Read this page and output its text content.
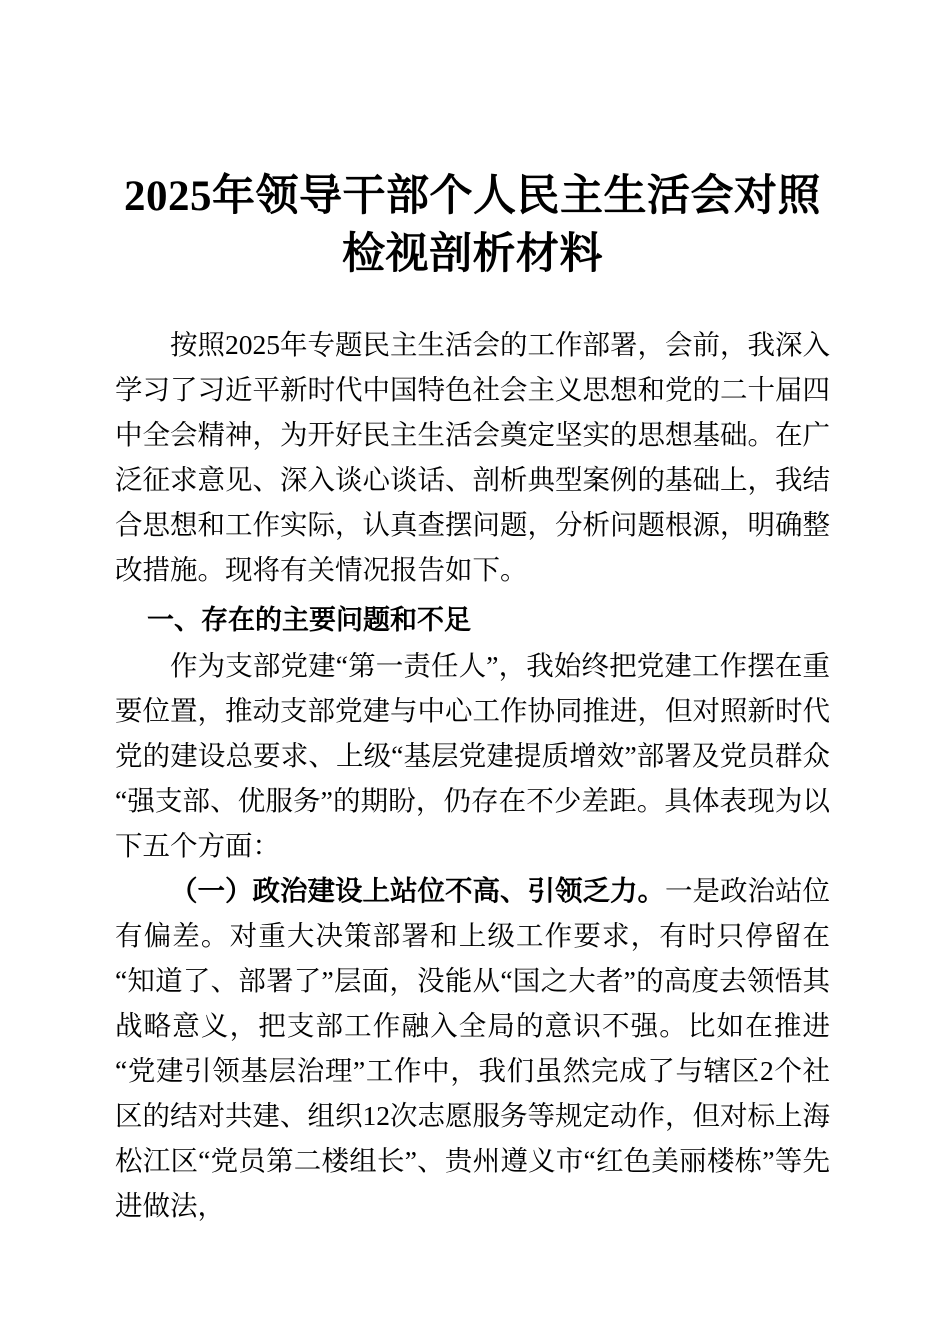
2025年领导干部个人民主生活会对照检视剖析材料

按照2025年专题民主生活会的工作部署，会前，我深入学习了习近平新时代中国特色社会主义思想和党的二十届四中全会精神，为开好民主生活会奠定坚实的思想基础。在广泛征求意见、深入谈心谈话、剖析典型案例的基础上，我结合思想和工作实际，认真查摆问题，分析问题根源，明确整改措施。现将有关情况报告如下。

一、存在的主要问题和不足

作为支部党建“第一责任人”，我始终把党建工作摆在重要位置，推动支部党建与中心工作协同推进，但对照新时代党的建设总要求、上级“基层党建提质增效”部署及党员群众“强支部、优服务”的期盼，仍存在不少差距。具体表现为以下五个方面：

（一）政治建设上站位不高、引领乏力。一是政治站位有偏差。对重大决策部署和上级工作要求，有时只停留在“知道了、部署了”层面，没能从“国之大者”的高度去领悟其战略意义，把支部工作融入全局的意识不强。比如在推进“党建引领基层治理”工作中，我们虽然完成了与辖区2个社区的结对共建、组织12次志愿服务等规定动作，但对标上海松江区“党员第二楼组长”、贵州遵义市“红色美丽楼栋”等先进做法，
